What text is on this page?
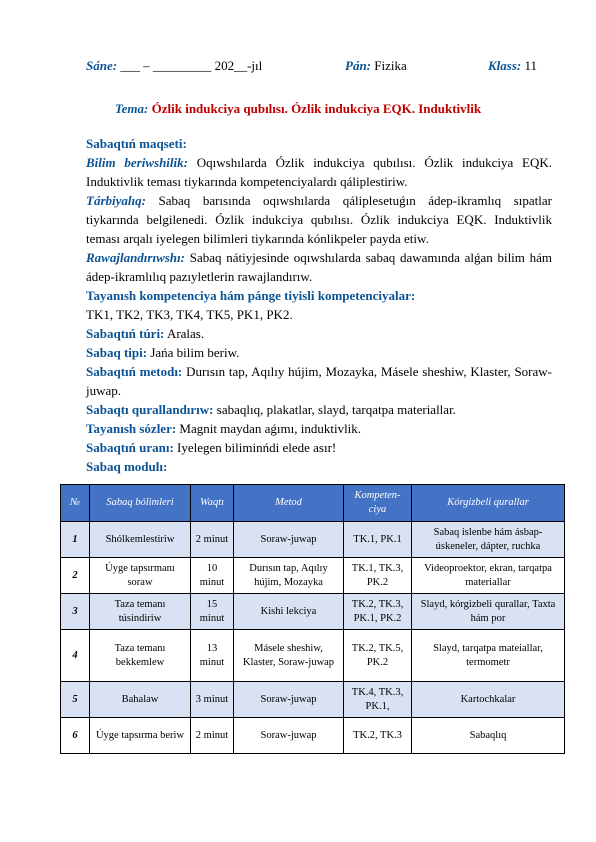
Sáne: ___ – _________ 202__-jıl	Pán: Fizika	Klass: 11
Tema: Ózlik indukciya qubılısı. Ózlik indukciya EQK. Induktivlik

Sabaqtıń maqseti:

Bilim beriwshilik: Oqıwshılarda Ózlik indukciya qubılısı. Ózlik indukciya EQK. Induktivlik teması tiykarında kompetenciyalardı qáliplestiriw.

Tárbiyalıq: Sabaq barısında oqıwshılarda qáliplesetuǵın ádep-ikramlıq sıpatlar tiykarında belgilenedi. Ózlik indukciya qubılısı. Ózlik indukciya EQK. Induktivlik teması arqalı iyelegen bilimleri tiykarında kónlikpeler payda etiw.

Rawajlandırıwshı: Sabaq nátiyjesinde oqıwshılarda sabaq dawamında alǵan bilim hám ádep-ikramlılıq pazıyletlerin rawajlandırıw.

Tayanısh kompetenciya hám pánge tiyisli kompetenciyalar:

TK1, TK2, TK3, TK4, TK5, PK1, PK2.

Sabaqtıń túri: Aralas.

Sabaq tipi: Jańa bilim beriw.

Sabaqtıń metodı: Durısın tap, Aqılıy hújim, Mozayka, Másele sheshiw, Klaster, Soraw-juwap.

Sabaqtı qurallandırıw: sabaqlıq, plakatlar, slayd, tarqatpa materiallar.

Tayanısh sózler: Magnit maydan aǵımı, induktivlik.

Sabaqtıń uranı: Iyelegen biliminńdi elede asır!

Sabaq modulı:

№	Sabaq bólimleri	Waqtı	Metod	Kompeten-ciya	Kórgizbeli qurallar
1	Shólkemlestiriw	2 minut	Soraw-juwap	TK.1, PK.1	Sabaq islenbe hám ásbap-úskeneler, dápter, ruchka
2	Úyge tapsırmanı soraw	10 minut	Durısın tap, Aqılıy hújim, Mozayka	TK.1, TK.3, PK.2	Videoproektor, ekran, tarqatpa materiallar
3	Taza temanı túsindiriw	15 minut	Kishi lekciya	TK.2, TK.3, PK.1, PK.2	Slayd, kórgizbeli qurallar, Taxta hám por
4	Taza temanı bekkemlew	13 minut	Másele sheshiw, Klaster, Soraw-juwap	TK.2, TK.5, PK.2	Slayd, tarqatpa mateiallar, termometr
5	Bahalaw	3 minut	Soraw-juwap	TK.4, TK.3, PK.1,	Kartochkalar
6	Úyge tapsırma beriw	2 minut	Soraw-juwap	TK.2, TK.3	Sabaqlıq
